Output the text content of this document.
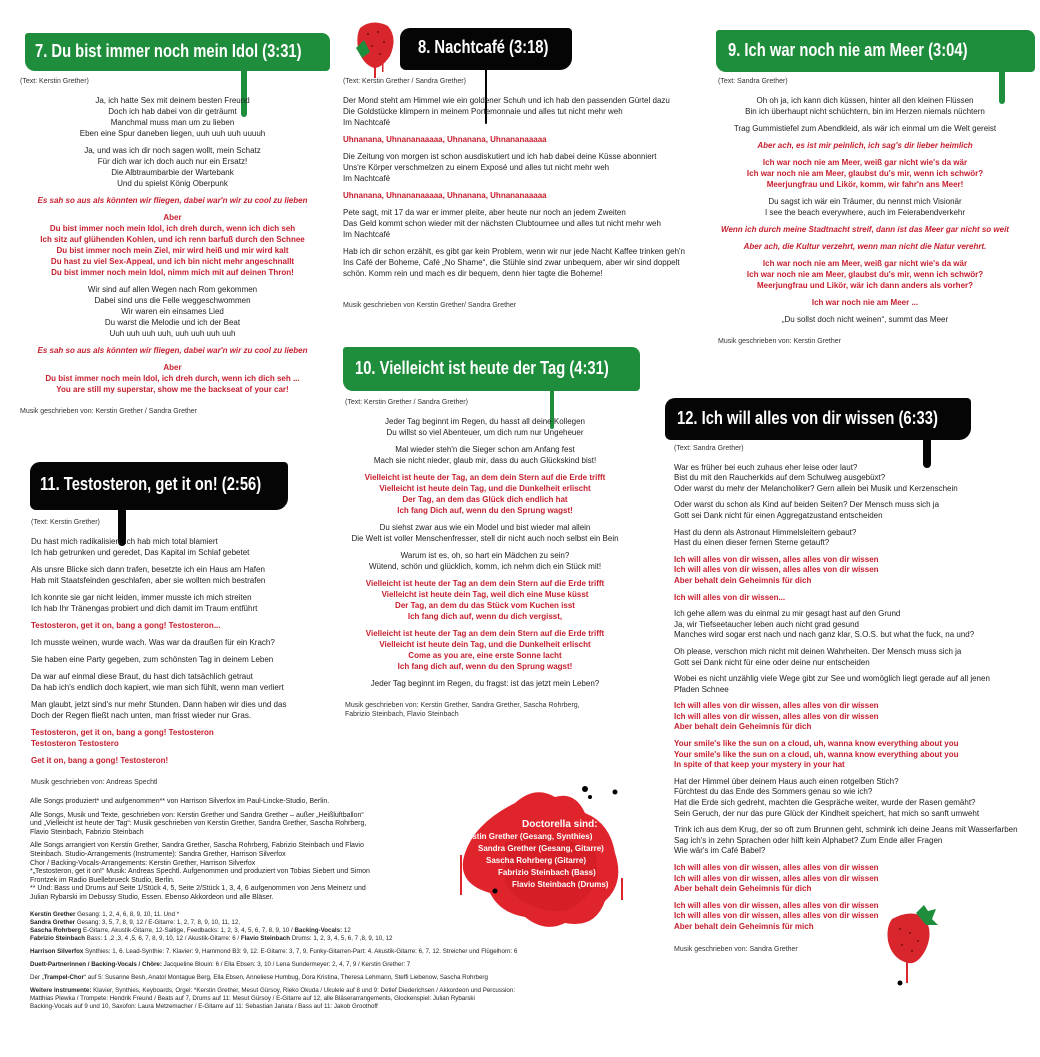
7. Du bist immer noch mein Idol (3:31)
(Text: Kerstin Grether)
Ja, ich hatte Sex mit deinem besten Freund
Doch ich hab dabei von dir geträumt
Manchmal muss man um zu lieben
Eben eine Spur daneben liegen, uuh uuh uuh uuuuh
Ja, und was ich dir noch sagen wollt, mein Schatz
Für dich war ich doch auch nur ein Ersatz!
Die Albtraumbarbie der Wartebank
Und du spielst König Oberpunk
Es sah so aus als könnten wir fliegen, dabei war'n wir zu cool zu lieben
Aber
Du bist immer noch mein Idol, ich dreh durch, wenn ich dich seh
Ich sitz auf glühenden Kohlen, und ich renn barfuß durch den Schnee
Du bist immer noch mein Ziel, mir wird heiß und mir wird kalt
Du hast zu viel Sex-Appeal, und ich bin nicht mehr angeschnallt
Du bist immer noch mein Idol, nimm mich mit auf deinen Thron!
Wir sind auf allen Wegen nach Rom gekommen
Dabei sind uns die Felle weggeschwommen
Wir waren ein einsames Lied
Du warst die Melodie und ich der Beat
Uuh uuh uuh uuh, uuh uuh uuh uuh
Es sah so aus als könnten wir fliegen, dabei war'n wir zu cool zu lieben
Aber
Du bist immer noch mein Idol, ich dreh durch, wenn ich dich seh ...
You are still my superstar, show me the backseat of your car!
Musik geschrieben von: Kerstin Grether / Sandra Grether
8. Nachtcafé (3:18)
(Text: Kerstin Grether / Sandra Grether)
Der Mond steht am Himmel wie ein goldener Schuh und ich hab den passenden Gürtel dazu
Die Goldstücke klimpern in meinem Portemonnaie und alles tut nicht mehr weh
Im Nachtcafé
Uhnanana, Uhnananaaaaa, Uhnanana, Uhnananaaaaa
Die Zeitung von morgen ist schon ausdiskutiert und ich hab dabei deine Küsse abonniert
Uns're Körper verschmelzen zu einem Exposé und alles tut nicht mehr weh
Im Nachtcafé
Uhnanana, Uhnananaaaaa, Uhnanana, Uhnananaaaaa
Pete sagt, mit 17 da war er immer pleite, aber heute nur noch an jedem Zweiten
Das Geld kommt schon wieder mit der nächsten Clubtournee und alles tut nicht mehr weh
Im Nachtcafé
Hab ich dir schon erzählt, es gibt gar kein Problem, wenn wir nur jede Nacht Kaffee trinken geh'n
Ins Café der Boheme, Café „No Shame“, die Stühle sind zwar unbequem, aber wir sind doppelt
schön. Komm rein und mach es dir bequem, denn hier tagte die Boheme!
Musik geschrieben von Kerstin Grether/ Sandra Grether
9. Ich war noch nie am Meer (3:04)
(Text: Sandra Grether)
Oh oh ja, ich kann dich küssen, hinter all den kleinen Flüssen
Bin ich überhaupt nicht schüchtern, bin im Herzen niemals nüchtern
Trag Gummistiefel zum Abendkleid, als wär ich einmal um die Welt gereist
Aber ach, es ist mir peinlich, ich sag's dir lieber heimlich
Ich war noch nie am Meer, weiß gar nicht wie's da wär
Ich war noch nie am Meer, glaubst du's mir, wenn ich schwör?
Meerjungfrau und Likör, komm, wir fahr'n ans Meer!
Du sagst ich wär ein Träumer, du nennst mich Visionär
I see the beach everywhere, auch im Feierabendverkehr
Wenn ich durch meine Stadtnacht streif, dann ist das Meer gar nicht so weit
Aber ach, die Kultur verzehrt, wenn man nicht die Natur verehrt.
Ich war noch nie am Meer, weiß gar nicht wie's da wär
Ich war noch nie am Meer, glaubst du's mir, wenn ich schwör?
Meerjungfrau und Likör, wär ich dann anders als vorher?
Ich war noch nie am Meer ...
„Du sollst doch nicht weinen“, summt das Meer
Musik geschrieben von: Kerstin Grether
10. Vielleicht ist heute der Tag (4:31)
(Text: Kerstin Grether / Sandra Grether)
Jeder Tag beginnt im Regen, du hasst all deine Kollegen
Du willst so viel Abenteuer, um dich rum nur Ungeheuer
Mal wieder steh'n die Sieger schon am Anfang fest
Mach sie nicht nieder, glaub mir, dass du auch Glückskind bist!
Vielleicht ist heute der Tag, an dem dein Stern auf die Erde trifft
Vielleicht ist heute dein Tag, und die Dunkelheit erlischt
Der Tag, an dem das Glück dich endlich hat
Ich fang Dich auf, wenn du den Sprung wagst!
Du siehst zwar aus wie ein Model und bist wieder mal allein
Die Welt ist voller Menschenfresser, stell dir nicht auch noch selbst ein Bein
Warum ist es, oh, so hart ein Mädchen zu sein?
Wütend, schön und glücklich, komm, ich nehm dich ein Stück mit!
Vielleicht ist heute der Tag an dem dein Stern auf die Erde trifft
Vielleicht ist heute dein Tag, weil dich eine Muse küsst
Der Tag, an dem du das Stück vom Kuchen isst
Ich fang dich auf, wenn du dich vergisst,
Vielleicht ist heute der Tag an dem dein Stern auf die Erde trifft
Vielleicht ist heute dein Tag, und die Dunkelheit erlischt
Come as you are, eine erste Sonne lacht
Ich fang dich auf, wenn du den Sprung wagst!
Jeder Tag beginnt im Regen, du fragst: ist das jetzt mein Leben?
Musik geschrieben von: Kerstin Grether, Sandra Grether, Sascha Rohrberg,
Fabrizio Steinbach, Flavio Steinbach
11. Testosteron, get it on! (2:56)
(Text: Kerstin Grether)
Du hast mich radikalisiert, ich hab mich total blamiert
Ich hab getrunken und geredet, Das Kapital im Schlaf gebetet
Als unsre Blicke sich dann trafen, besetzte ich ein Haus am Hafen
Hab mit Staatsfeinden geschlafen, aber sie wollten mich bestrafen
Ich konnte sie gar nicht leiden, immer musste ich mich streiten
Ich hab Ihr Tränengas probiert und dich damit im Traum entführt
Testosteron, get it on, bang a gong! Testosteron...
Ich musste weinen, wurde wach. Was war da draußen für ein Krach?
Sie haben eine Party gegeben, zum schönsten Tag in deinem Leben
Da war auf einmal diese Braut, du hast dich tatsächlich getraut
Da hab ich's endlich doch kapiert, wie man sich fühlt, wenn man verliert
Man glaubt, jetzt sind's nur mehr Stunden. Dann haben wir dies und das
Doch der Regen fließt nach unten, man frisst wieder nur Gras.
Testosteron, get it on, bang a gong! Testosteron
Testosteron Testostero
Get it on, bang a gong! Testosteron!
Musik geschrieben von: Andreas Spechtl
12. Ich will alles von dir wissen (6:33)
(Text: Sandra Grether)
War es früher bei euch zuhaus eher leise oder laut?
Bist du mit den Raucherkids auf dem Schulweg ausgebüxt?
Oder warst du mehr der Melancholiker? Gern allein bei Musik und Kerzenschein
Oder warst du schon als Kind auf beiden Seiten? Der Mensch muss sich ja
Gott sei Dank nicht für einen Aggregatzustand entscheiden
Hast du denn als Astronaut Himmelsleitern gebaut?
Hast du einen dieser fernen Sterne getauft?
Ich will alles von dir wissen, alles alles von dir wissen
Ich will alles von dir wissen, alles alles von dir wissen
Aber behalt dein Geheimnis für dich
Ich will alles von dir wissen...
Ich gehe allem was du einmal zu mir gesagt hast auf den Grund
Ja, wir Tiefseetaucher leben auch nicht grad gesund
Manches wird sogar erst nach und nach ganz klar, S.O.S. but what the fuck, na und?
Oh please, verschon mich nicht mit deinen Wahrheiten. Der Mensch muss sich ja
Gott sei Dank nicht für eine oder deine nur entscheiden
Wobei es nicht unzählig viele Wege gibt zur See und womöglich liegt gerade auf all jenen
Pfaden Schnee
Ich will alles von dir wissen, alles alles von dir wissen
Ich will alles von dir wissen, alles alles von dir wissen
Aber behalt dein Geheimnis für dich
Your smile's like the sun on a cloud, uh, wanna know everything about you
Your smile's like the sun on a cloud, uh, wanna know everything about you
In spite of that keep your mystery in your hat
Hat der Himmel über deinem Haus auch einen rotgelben Stich?
Fürchtest du das Ende des Sommers genau so wie ich?
Hat die Erde sich gedreht, machten die Gespräche weiter, wurde der Rasen gemäht?
Sein Geruch, der nur das pure Glück der Kindheit speichert, hat mich so sanft umweht
Trink ich aus dem Krug, der so oft zum Brunnen geht, schmink ich deine Jeans mit Wasserfarben
Sag ich's in zehn Sprachen oder hilft kein Alphabet? Zum Ende aller Fragen
Wie wär's im Café Babel?
Ich will alles von dir wissen, alles alles von dir wissen
Ich will alles von dir wissen, alles alles von dir wissen
Aber behalt dein Geheimnis für dich
Ich will alles von dir wissen, alles alles von dir wissen
Ich will alles von dir wissen, alles alles von dir wissen
Aber behalt dein Geheimnis für mich
Musik geschrieben von: Sandra Grether

Alle Songs produziert* und aufgenommen** von Harrison Silverfox im Paul-Lincke-Studio, Berlin.

Alle Songs, Musik und Texte, geschrieben von: Kerstin Grether und Sandra Grether – außer „Heißluftballon“
und „Vielleicht ist heute der Tag“: Musik geschrieben von Kerstin Grether, Sandra Grether, Sascha Rohrberg,
Flavio Steinbach, Fabrizio Steinbach

Alle Songs arrangiert von Kerstin Grether, Sandra Grether, Sascha Rohrberg, Fabrizio Steinbach und Flavio
Steinbach. Studio-Arrangements (Instrumente): Sandra Grether, Harrison Silverfox
Chor / Backing-Vocals-Arrangements: Kerstin Grether, Harrison Silverfox
*„Testosteron, get it on!“ Musik: Andreas Spechtl. Aufgenommen und produziert von Tobias Siebert und Simon
Frontzek im Radio Buellebrueck Studio, Berlin.
** Und: Bass und Drums auf Seite 1/Stück 4, 5, Seite 2/Stück 1, 3, 4, 6 aufgenommen von Jens Meinerz und
Julian Rybarski im Debussy Studio, Essen. Ebenso Akkordeon und alle Bläser.

Kerstin Grether Gesang: 1, 2, 4, 6, 8, 9, 10, 11. Und *
Sandra Grether Gesang: 3, 5, 7, 8, 9, 12 / E-Gitarre: 1, 2, 7, 8, 9, 10, 11, 12,
Sascha Rohrberg E-Gitarre, Akustik-Gitarre, 12-Saitige, Feedbacks: 1, 2, 3, 4, 5, 6, 7, 8, 9, 10 / Backing-Vocals: 12
Fabrizio Steinbach Bass: 1 ,2 ,3, 4 ,5, 6, 7, 8, 9, 10, 12 / Akustik-Gitarre: 6 / Flavio Steinbach Drums: 1, 2, 3, 4, 5, 6, 7 ,8, 9, 10, 12
Harrison Silverfox Synthies: 1, 6. Lead-Synthie: 7. Klavier: 9, Hammond B3: 9, 12. E-Gitarre: 3, 7, 9, Funky-Gitarren-Part: 4. Akustik-Gitarre: 6, 7, 12. Streicher und Flügelhorn: 6
Duett-Partnerinnen / Backing-Vocals / Chöre: Jacqueline Blouin: 6 / Ella Ebsen: 3, 10 / Lena Sundermeyer: 2, 4, 7, 9 / Kerstin Grether: 7
Der „Trampel-Chor“ auf 5: Susanne Besh, Anatol Montague Berg, Ella Ebsen, Anneliese Humbug, Dora Kristina, Theresa Lehmann, Steffi Liebenow, Sascha Rohrberg
Weitere Instrumente: Klavier, Synthies, Keyboards, Orgel: *Kerstin Grether, Mesut Gürsoy, Rieko Okuda / Ukulele auf 8 und 9: Detlef Diederichsen / Akkordeon und Percussion:
Matthias Plewka / Trompete: Hendrik Freund / Beats auf 7, Drums auf 11: Mesut Gürsoy / E-Gitarre auf 12, alle Bläserarrangements, Glockenspiel: Julian Rybarski
Backing-Vocals auf 9 und 10, Saxofon: Laura Metzemacher / E-Gitarre auf 11: Sebastian Janata / Bass auf 11: Jakob Groothoff
Doctorella sind:
Kerstin Grether (Gesang, Synthies)
Sandra Grether (Gesang, Gitarre)
Sascha Rohrberg (Gitarre)
Fabrizio Steinbach (Bass)
Flavio Steinbach (Drums)
